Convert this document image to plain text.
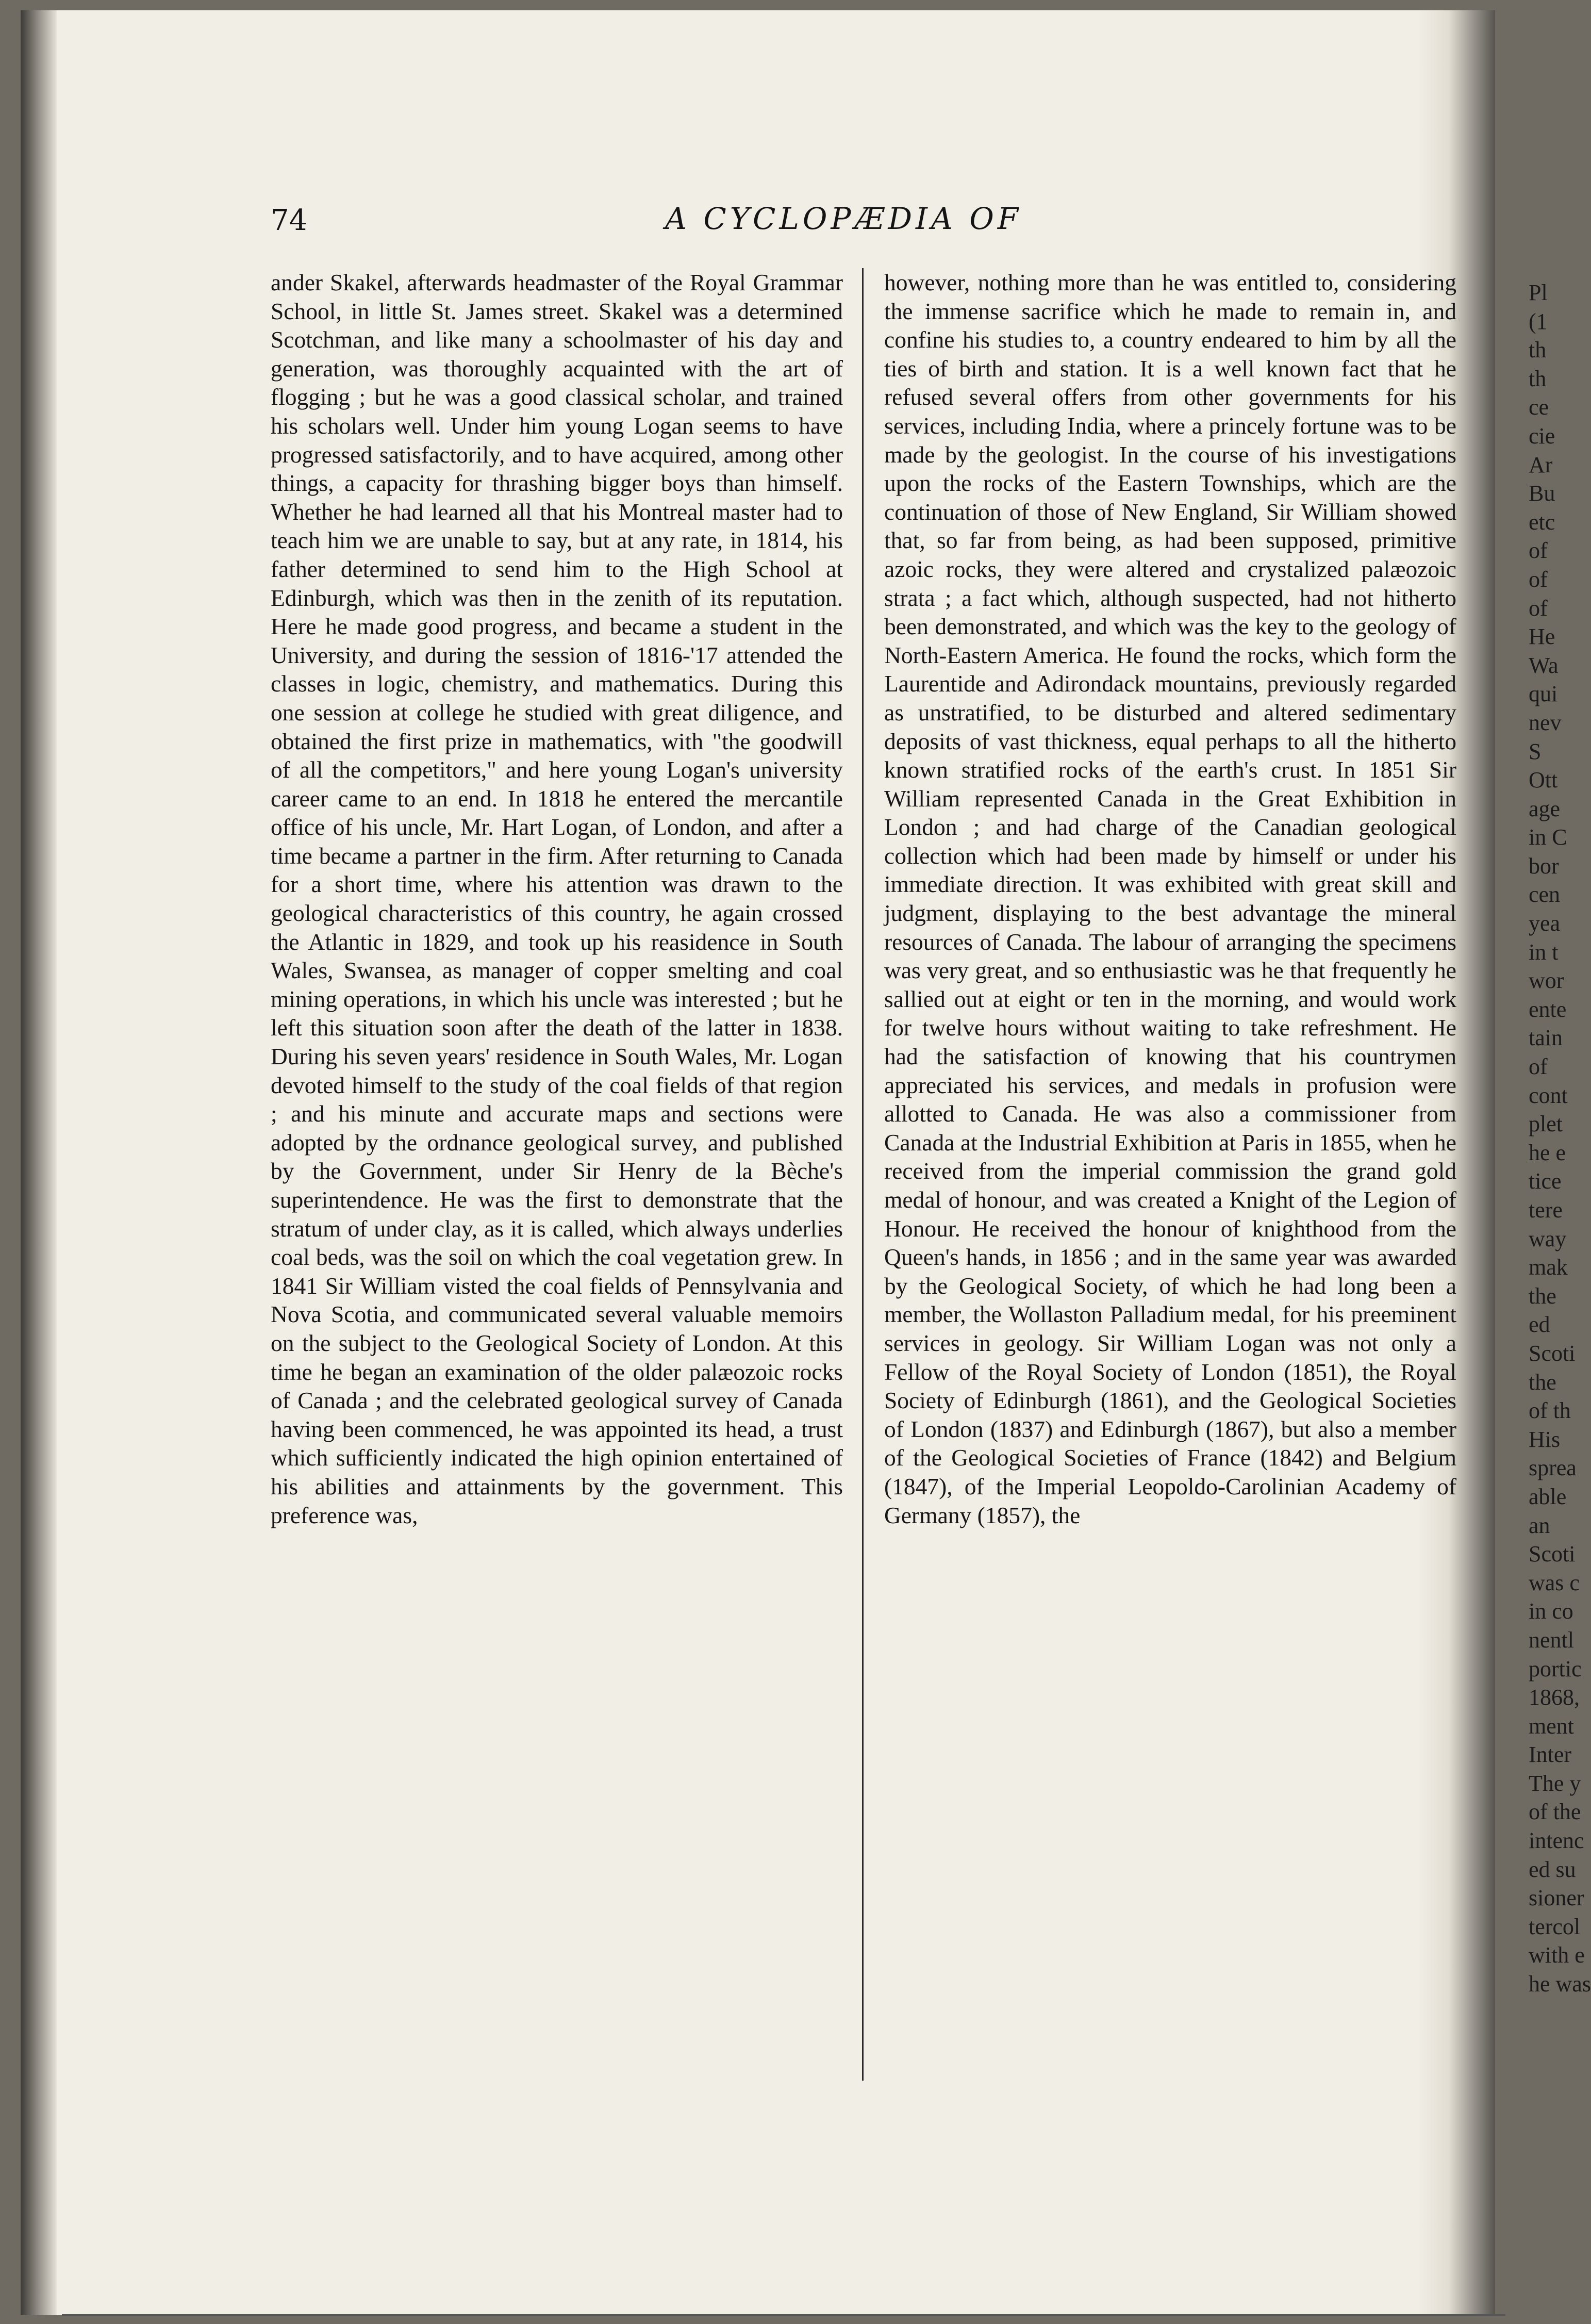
74	A CYCLOPÆDIA OF

ander Skakel, afterwards headmaster of the Royal Grammar School, in little St. James street. Skakel was a determined Scotchman, and like many a schoolmaster of his day and generation, was thoroughly acquainted with the art of flogging ; but he was a good classical scholar, and trained his scholars well. Under him young Logan seems to have progressed satisfactorily, and to have acquired, among other things, a capacity for thrashing bigger boys than himself. Whether he had learned all that his Montreal master had to teach him we are unable to say, but at any rate, in 1814, his father determined to send him to the High School at Edinburgh, which was then in the zenith of its reputation. Here he made good progress, and became a student in the University, and during the session of 1816-'17 attended the classes in logic, chemistry, and mathematics. During this one session at college he studied with great diligence, and obtained the first prize in mathematics, with "the goodwill of all the competitors," and here young Logan's university career came to an end. In 1818 he entered the mercantile office of his uncle, Mr. Hart Logan, of London, and after a time became a partner in the firm. After returning to Canada for a short time, where his attention was drawn to the geological characteristics of this country, he again crossed the Atlantic in 1829, and took up his reasidence in South Wales, Swansea, as manager of copper smelting and coal mining operations, in which his uncle was interested ; but he left this situation soon after the death of the latter in 1838. During his seven years' residence in South Wales, Mr. Logan devoted himself to the study of the coal fields of that region ; and his minute and accurate maps and sections were adopted by the ordnance geological survey, and published by the Government, under Sir Henry de la Bèche's superintendence. He was the first to demonstrate that the stratum of under clay, as it is called, which always underlies coal beds, was the soil on which the coal vegetation grew. In 1841 Sir William visted the coal fields of Pennsylvania and Nova Scotia, and communicated several valuable memoirs on the subject to the Geological Society of London. At this time he began an examination of the older palæozoic rocks of Canada ; and the celebrated geological survey of Canada having been commenced, he was appointed its head, a trust which sufficiently indicated the high opinion entertained of his abilities and attainments by the government. This preference was,

however, nothing more than he was entitled to, considering the immense sacrifice which he made to remain in, and confine his studies to, a country endeared to him by all the ties of birth and station. It is a well known fact that he refused several offers from other governments for his services, including India, where a princely fortune was to be made by the geologist. In the course of his investigations upon the rocks of the Eastern Townships, which are the continuation of those of New England, Sir William showed that, so far from being, as had been supposed, primitive azoic rocks, they were altered and crystalized palæozoic strata ; a fact which, although suspected, had not hitherto been demonstrated, and which was the key to the geology of North-Eastern America. He found the rocks, which form the Laurentide and Adirondack mountains, previously regarded as unstratified, to be disturbed and altered sedimentary deposits of vast thickness, equal perhaps to all the hitherto known stratified rocks of the earth's crust. In 1851 Sir William represented Canada in the Great Exhibition in London ; and had charge of the Canadian geological collection which had been made by himself or under his immediate direction. It was exhibited with great skill and judgment, displaying to the best advantage the mineral resources of Canada. The labour of arranging the specimens was very great, and so enthusiastic was he that frequently he sallied out at eight or ten in the morning, and would work for twelve hours without waiting to take refreshment. He had the satisfaction of knowing that his countrymen appreciated his services, and medals in profusion were allotted to Canada. He was also a commissioner from Canada at the Industrial Exhibition at Paris in 1855, when he received from the imperial commission the grand gold medal of honour, and was created a Knight of the Legion of Honour. He received the honour of knighthood from the Queen's hands, in 1856 ; and in the same year was awarded by the Geological Society, of which he had long been a member, the Wollaston Palladium medal, for his preeminent services in geology. Sir William Logan was not only a Fellow of the Royal Society of London (1851), the Royal Society of Edinburgh (1861), and the Geological Societies of London (1837) and Edinburgh (1867), but also a member of the Geological Societies of France (1842) and Belgium (1847), of the Imperial Leopoldo-Carolinian Academy of Germany (1857), the

Pl
(1
th
th
ce
cie
Ar
Bu
etc
of
of
of
He
Wa
qui
nev
S
Ott
age
in C
bor
cen
yea
in t
wor
ente
tain
of
cont
plet
he e
tice
tere
way
mak
the
ed
Scoti
the
of th
His
sprea
able
an
Scoti
was c
in co
nentl
portic
1868,
ment
Inter
The y
of the
intenc
ed su
sioner
tercol
with e
he was
